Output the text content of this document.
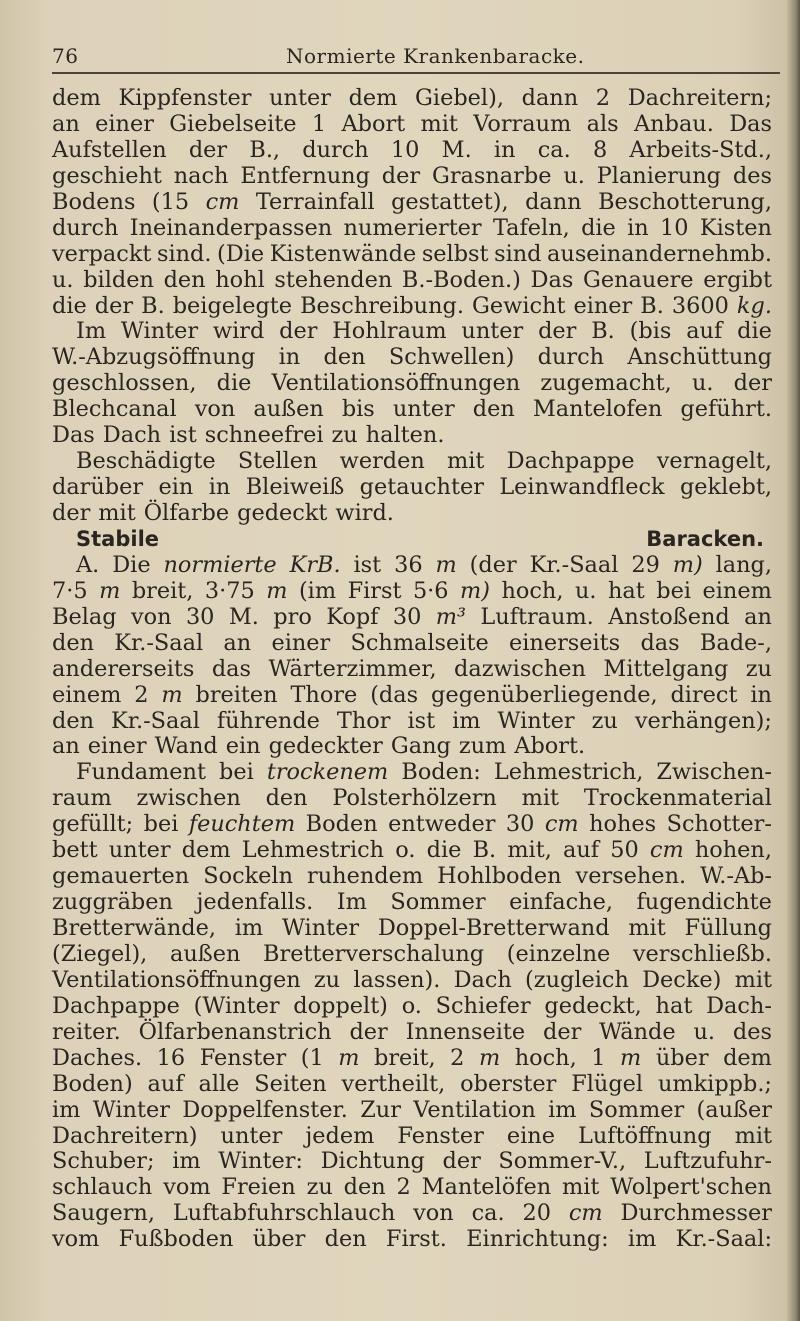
76	Normierte Krankenbaracke.
dem Kippfenster unter dem Giebel), dann 2 Dachreitern;
an einer Giebelseite 1 Abort mit Vorraum als Anbau. Das
Aufstellen der B., durch 10 M. in ca. 8 Arbeits-Std.,
geschieht nach Entfernung der Grasnarbe u. Planierung des
Bodens (15 cm Terrainfall gestattet), dann Beschotterung,
durch Ineinanderpassen numerierter Tafeln, die in 10 Kisten
verpackt sind. (Die Kistenwände selbst sind auseinandernehmb.
u. bilden den hohl stehenden B.-Boden.) Das Genauere ergibt
die der B. beigelegte Beschreibung. Gewicht einer B. 3600 kg.
Im Winter wird der Hohlraum unter der B. (bis auf die
W.-Abzugsöffnung in den Schwellen) durch Anschüttung
geschlossen, die Ventilationsöffnungen zugemacht, u. der
Blechcanal von außen bis unter den Mantelofen geführt.
Das Dach ist schneefrei zu halten.
Beschädigte Stellen werden mit Dachpappe vernagelt,
darüber ein in Bleiweiß getauchter Leinwandfleck geklebt,
der mit Ölfarbe gedeckt wird.
Stabile	Baracken.
A. Die normierte KrB. ist 36 m (der Kr.-Saal 29 m) lang,
7·5 m breit, 3·75 m (im First 5·6 m) hoch, u. hat bei einem
Belag von 30 M. pro Kopf 30 m³ Luftraum. Anstoßend an
den Kr.-Saal an einer Schmalseite einerseits das Bade-,
andererseits das Wärterzimmer, dazwischen Mittelgang zu
einem 2 m breiten Thore (das gegenüberliegende, direct in
den Kr.-Saal führende Thor ist im Winter zu verhängen);
an einer Wand ein gedeckter Gang zum Abort.
Fundament bei trockenem Boden: Lehmestrich, Zwischen-
raum zwischen den Polsterhölzern mit Trockenmaterial
gefüllt; bei feuchtem Boden entweder 30 cm hohes Schotter-
bett unter dem Lehmestrich o. die B. mit, auf 50 cm hohen,
gemauerten Sockeln ruhendem Hohlboden versehen. W.-Ab-
zuggräben jedenfalls. Im Sommer einfache, fugendichte
Bretterwände, im Winter Doppel-Bretterwand mit Füllung
(Ziegel), außen Bretterverschalung (einzelne verschließb.
Ventilationsöffnungen zu lassen). Dach (zugleich Decke) mit
Dachpappe (Winter doppelt) o. Schiefer gedeckt, hat Dach-
reiter. Ölfarbenanstrich der Innenseite der Wände u. des
Daches. 16 Fenster (1 m breit, 2 m hoch, 1 m über dem
Boden) auf alle Seiten vertheilt, oberster Flügel umkippb.;
im Winter Doppelfenster. Zur Ventilation im Sommer (außer
Dachreitern) unter jedem Fenster eine Luftöffnung mit
Schuber; im Winter: Dichtung der Sommer-V., Luftzufuhr-
schlauch vom Freien zu den 2 Mantelöfen mit Wolpert'schen
Saugern, Luftabfuhrschlauch von ca. 20 cm Durchmesser
vom Fußboden über den First. Einrichtung: im Kr.-Saal:
